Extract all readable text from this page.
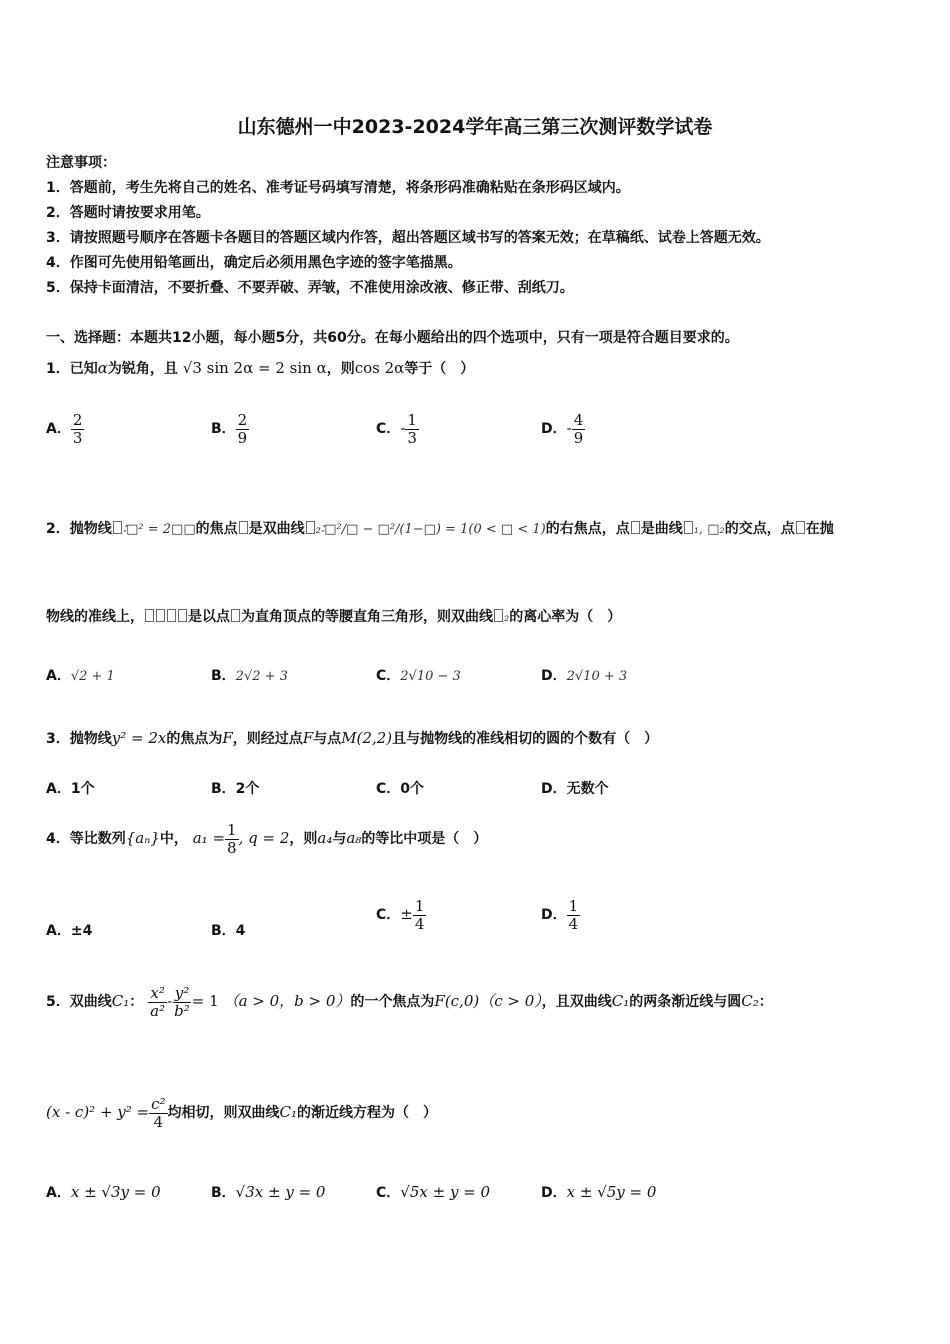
山东德州一中2023-2024学年高三第三次测评数学试卷
注意事项：
1．答题前，考生先将自己的姓名、准考证号码填写清楚，将条形码准确粘贴在条形码区域内。
2．答题时请按要求用笔。
3．请按照题号顺序在答题卡各题目的答题区域内作答，超出答题区域书写的答案无效；在草稿纸、试卷上答题无效。
4．作图可先使用铅笔画出，确定后必须用黑色字迹的签字笔描黑。
5．保持卡面清洁，不要折叠、不要弄破、弄皱，不准使用涂改液、修正带、刮纸刀。
一、选择题：本题共12小题，每小题5分，共60分。在每小题给出的四个选项中，只有一项是符合题目要求的。
1．已知α为锐角，且 √3 sin 2α = 2 sin α，则cos 2α等于（　）
A． $\frac{2}{3}$	B． $\frac{2}{9}$	C．- $\frac{1}{3}$	D．- $\frac{4}{9}$
2．抛物线 ∶□² = 2□□的焦点 是双曲线 ₂∶□²/□ − □²/(1−□) = 1(0 < □ < 1)的右焦点，点 是曲线 ₁, □₂的交点，点 在抛
物线的准线上，	是以点 为直角顶点的等腰直角三角形，则双曲线 ₂的离心率为（　）
A．√2 + 1	B．2√2 + 3	C．2√10 − 3	D．2√10 + 3
3．抛物线y² = 2x的焦点为F，则经过点F与点M(2,2)且与抛物线的准线相切的圆的个数有（　）
A．1个	B．2个	C．0个	D．无数个
4．等比数列{aₙ}中， $a_1 = \frac{1}{8}$ , q = 2，则a₄与a₈的等比中项是（　）
A．±4	B．4
C．± $\frac{1}{4}$	D． $\frac{1}{4}$
5．双曲线C₁： $\frac{\text{x²}}{\text{a²}} - \frac{\text{y²}}{\text{b²}} = 1$ （a > 0，b > 0）的一个焦点为F(c,0)（c > 0），且双曲线C₁的两条渐近线与圆C₂：
$(x - c)^2 + y^2 = \frac{\text{c²}}{4}$ 均相切，则双曲线C₁的渐近线方程为（　）
A．x ± √3y = 0	B．√3x ± y = 0	C．√5x ± y = 0	D．x ± √5y = 0
